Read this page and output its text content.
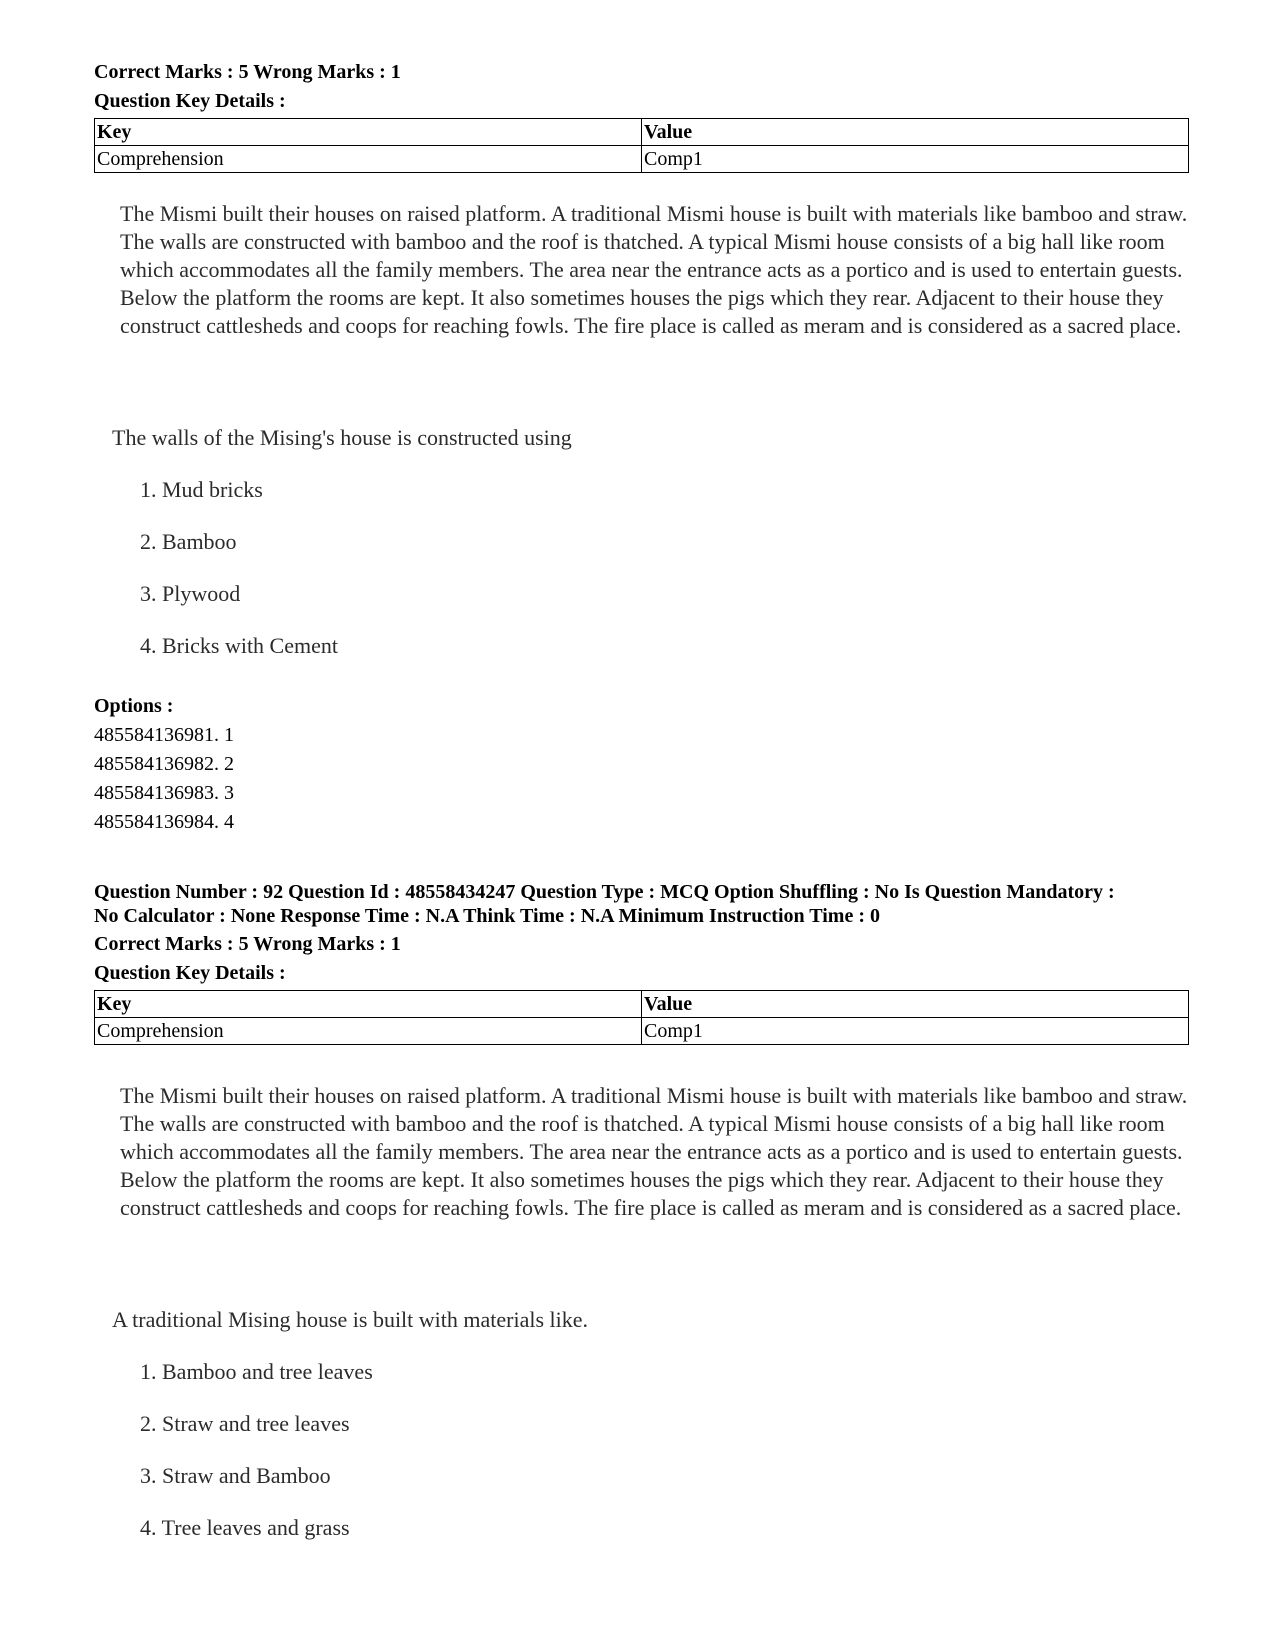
Correct Marks : 5 Wrong Marks : 1

Question Key Details :

Key	Value
Comprehension	Comp1

The Mismi built their houses on raised platform. A traditional Mismi house is built with materials like bamboo and straw. The walls are constructed with bamboo and the roof is thatched. A typical Mismi house consists of a big hall like room which accommodates all the family members. The area near the entrance acts as a portico and is used to entertain guests. Below the platform the rooms are kept. It also sometimes houses the pigs which they rear. Adjacent to their house they construct cattlesheds and coops for reaching fowls. The fire place is called as meram and is considered as a sacred place.

The walls of the Mising's house is constructed using

1. Mud bricks

2. Bamboo

3. Plywood

4. Bricks with Cement

Options :

485584136981. 1

485584136982. 2

485584136983. 3

485584136984. 4

Question Number : 92 Question Id : 48558434247 Question Type : MCQ Option Shuffling : No Is Question Mandatory :

No Calculator : None Response Time : N.A Think Time : N.A Minimum Instruction Time : 0

Correct Marks : 5 Wrong Marks : 1

Question Key Details :

Key	Value
Comprehension	Comp1

The Mismi built their houses on raised platform. A traditional Mismi house is built with materials like bamboo and straw. The walls are constructed with bamboo and the roof is thatched. A typical Mismi house consists of a big hall like room which accommodates all the family members. The area near the entrance acts as a portico and is used to entertain guests. Below the platform the rooms are kept. It also sometimes houses the pigs which they rear. Adjacent to their house they construct cattlesheds and coops for reaching fowls. The fire place is called as meram and is considered as a sacred place.

A traditional Mising house is built with materials like.

1. Bamboo and tree leaves

2. Straw and tree leaves

3. Straw and Bamboo

4. Tree leaves and grass
